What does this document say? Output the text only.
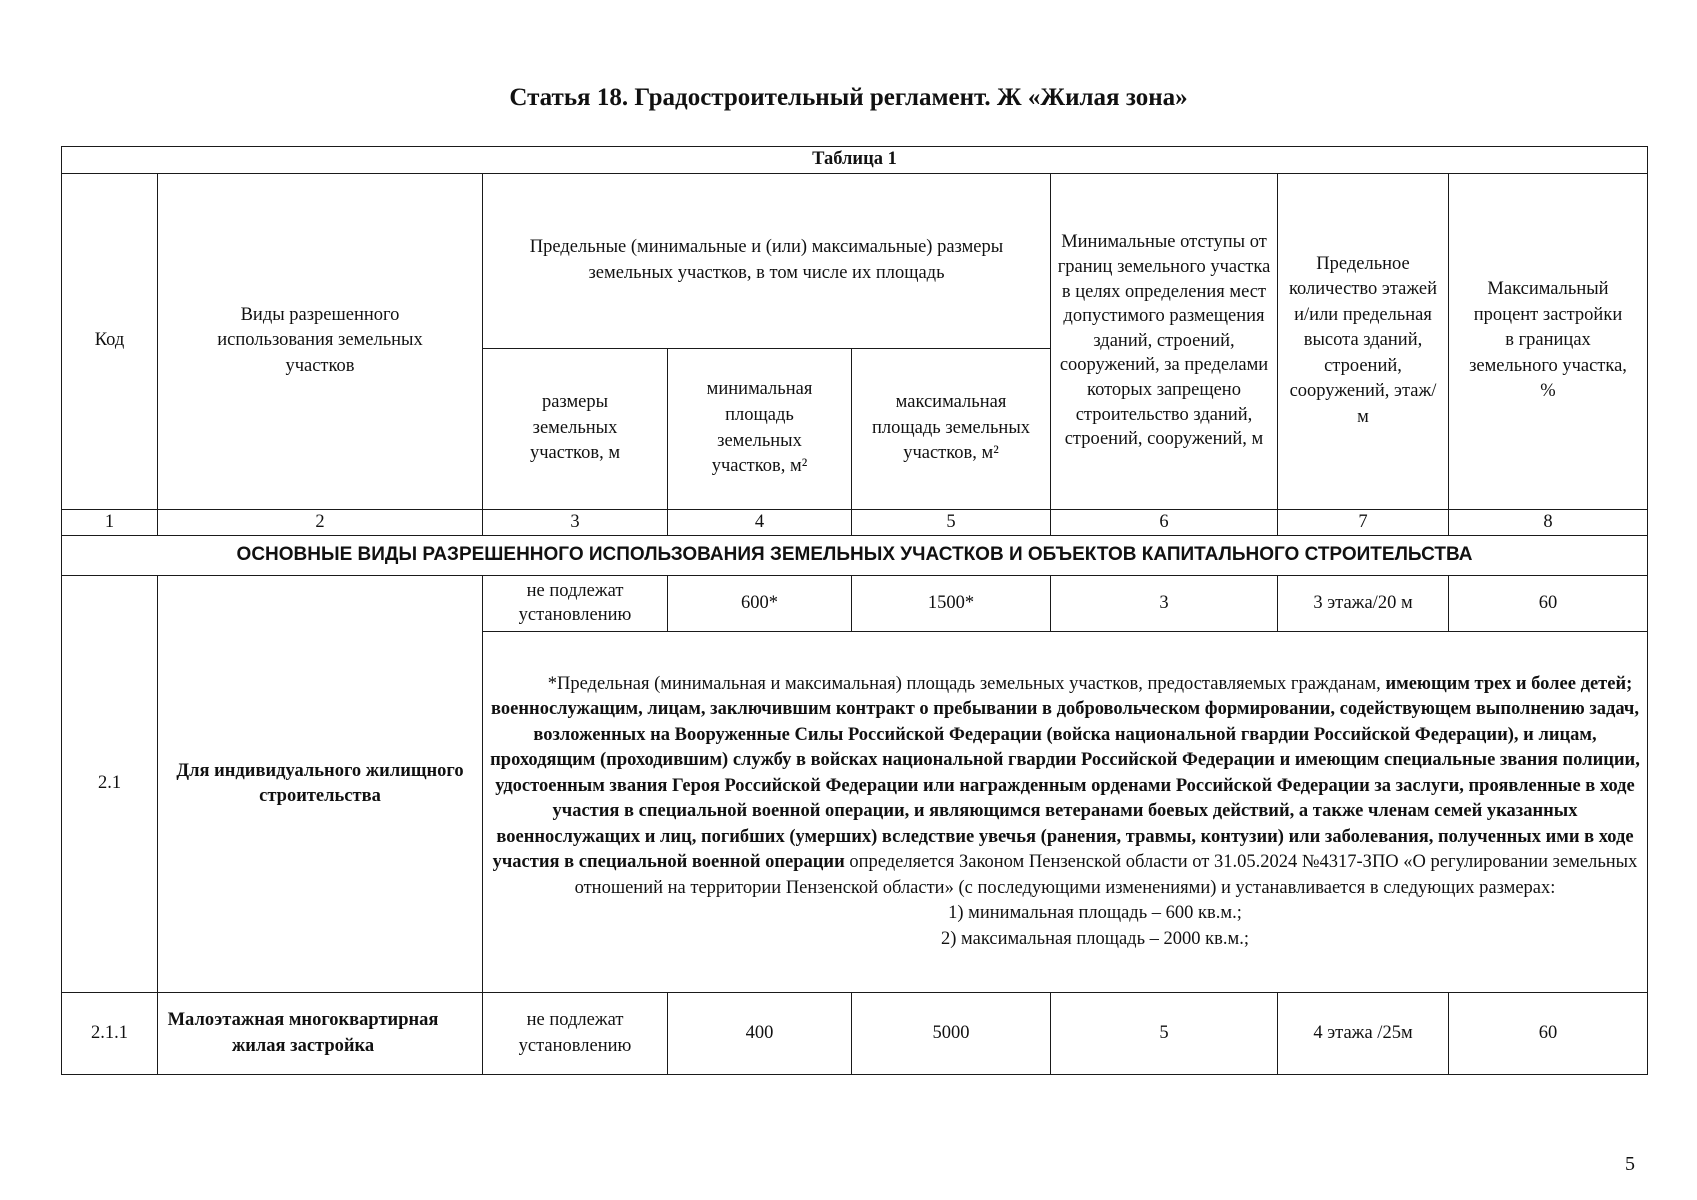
Статья 18. Градостроительный регламент. Ж «Жилая зона»
Таблица 1							
Код	Виды разрешенного использования земельных участков	Предельные (минимальные и (или) максимальные) размеры земельных участков, в том числе их площадь			Минимальные отступы от границ земельного участка в целях определения мест допустимого размещения зданий, строений, сооружений, за пределами которых запрещено строительство зданий, строений, сооружений, м	Предельное количество этажей и/или предельная высота зданий, строений, сооружений, этаж/м	Максимальный процент застройки в границах земельного участка, %
		размеры земельных участков, м	минимальная площадь земельных участков, м²	максимальная площадь земельных участков, м²			
1	2	3	4	5	6	7	8
ОСНОВНЫЕ ВИДЫ РАЗРЕШЕННОГО ИСПОЛЬЗОВАНИЯ ЗЕМЕЛЬНЫХ УЧАСТКОВ И ОБЪЕКТОВ КАПИТАЛЬНОГО СТРОИТЕЛЬСТВА							
2.1	Для индивидуального жилищного строительства	не подлежат установлению	600*	1500*	3	3 этажа/20 м	60
		*Предельная (минимальная и максимальная) площадь земельных участков, предоставляемых гражданам, имеющим трех и более детей; военнослужащим, лицам, заключившим контракт о пребывании в добровольческом формировании, содействующем выполнению задач, возложенных на Вооруженные Силы Российской Федерации (войска национальной гвардии Российской Федерации), и лицам, проходящим (проходившим) службу в войсках национальной гвардии Российской Федерации и имеющим специальные звания полиции, удостоенным звания Героя Российской Федерации или награжденным орденами Российской Федерации за заслуги, проявленные в ходе участия в специальной военной операции, и являющимся ветеранами боевых действий, а также членам семей указанных военнослужащих и лиц, погибших (умерших) вследствие увечья (ранения, травмы, контузии) или заболевания, полученных ими в ходе участия в специальной военной операции определяется Законом Пензенской области от 31.05.2024 №4317-ЗПО «О регулировании земельных отношений на территории Пензенской области» (с последующими изменениями) и устанавливается в следующих размерах:
1) минимальная площадь – 600 кв.м.;
2) максимальная площадь – 2000 кв.м.;					

2.1.1	Малоэтажная многоквартирная жилая застройка	не подлежат установлению	400	5000	5	4 этажа /25м	60
5
